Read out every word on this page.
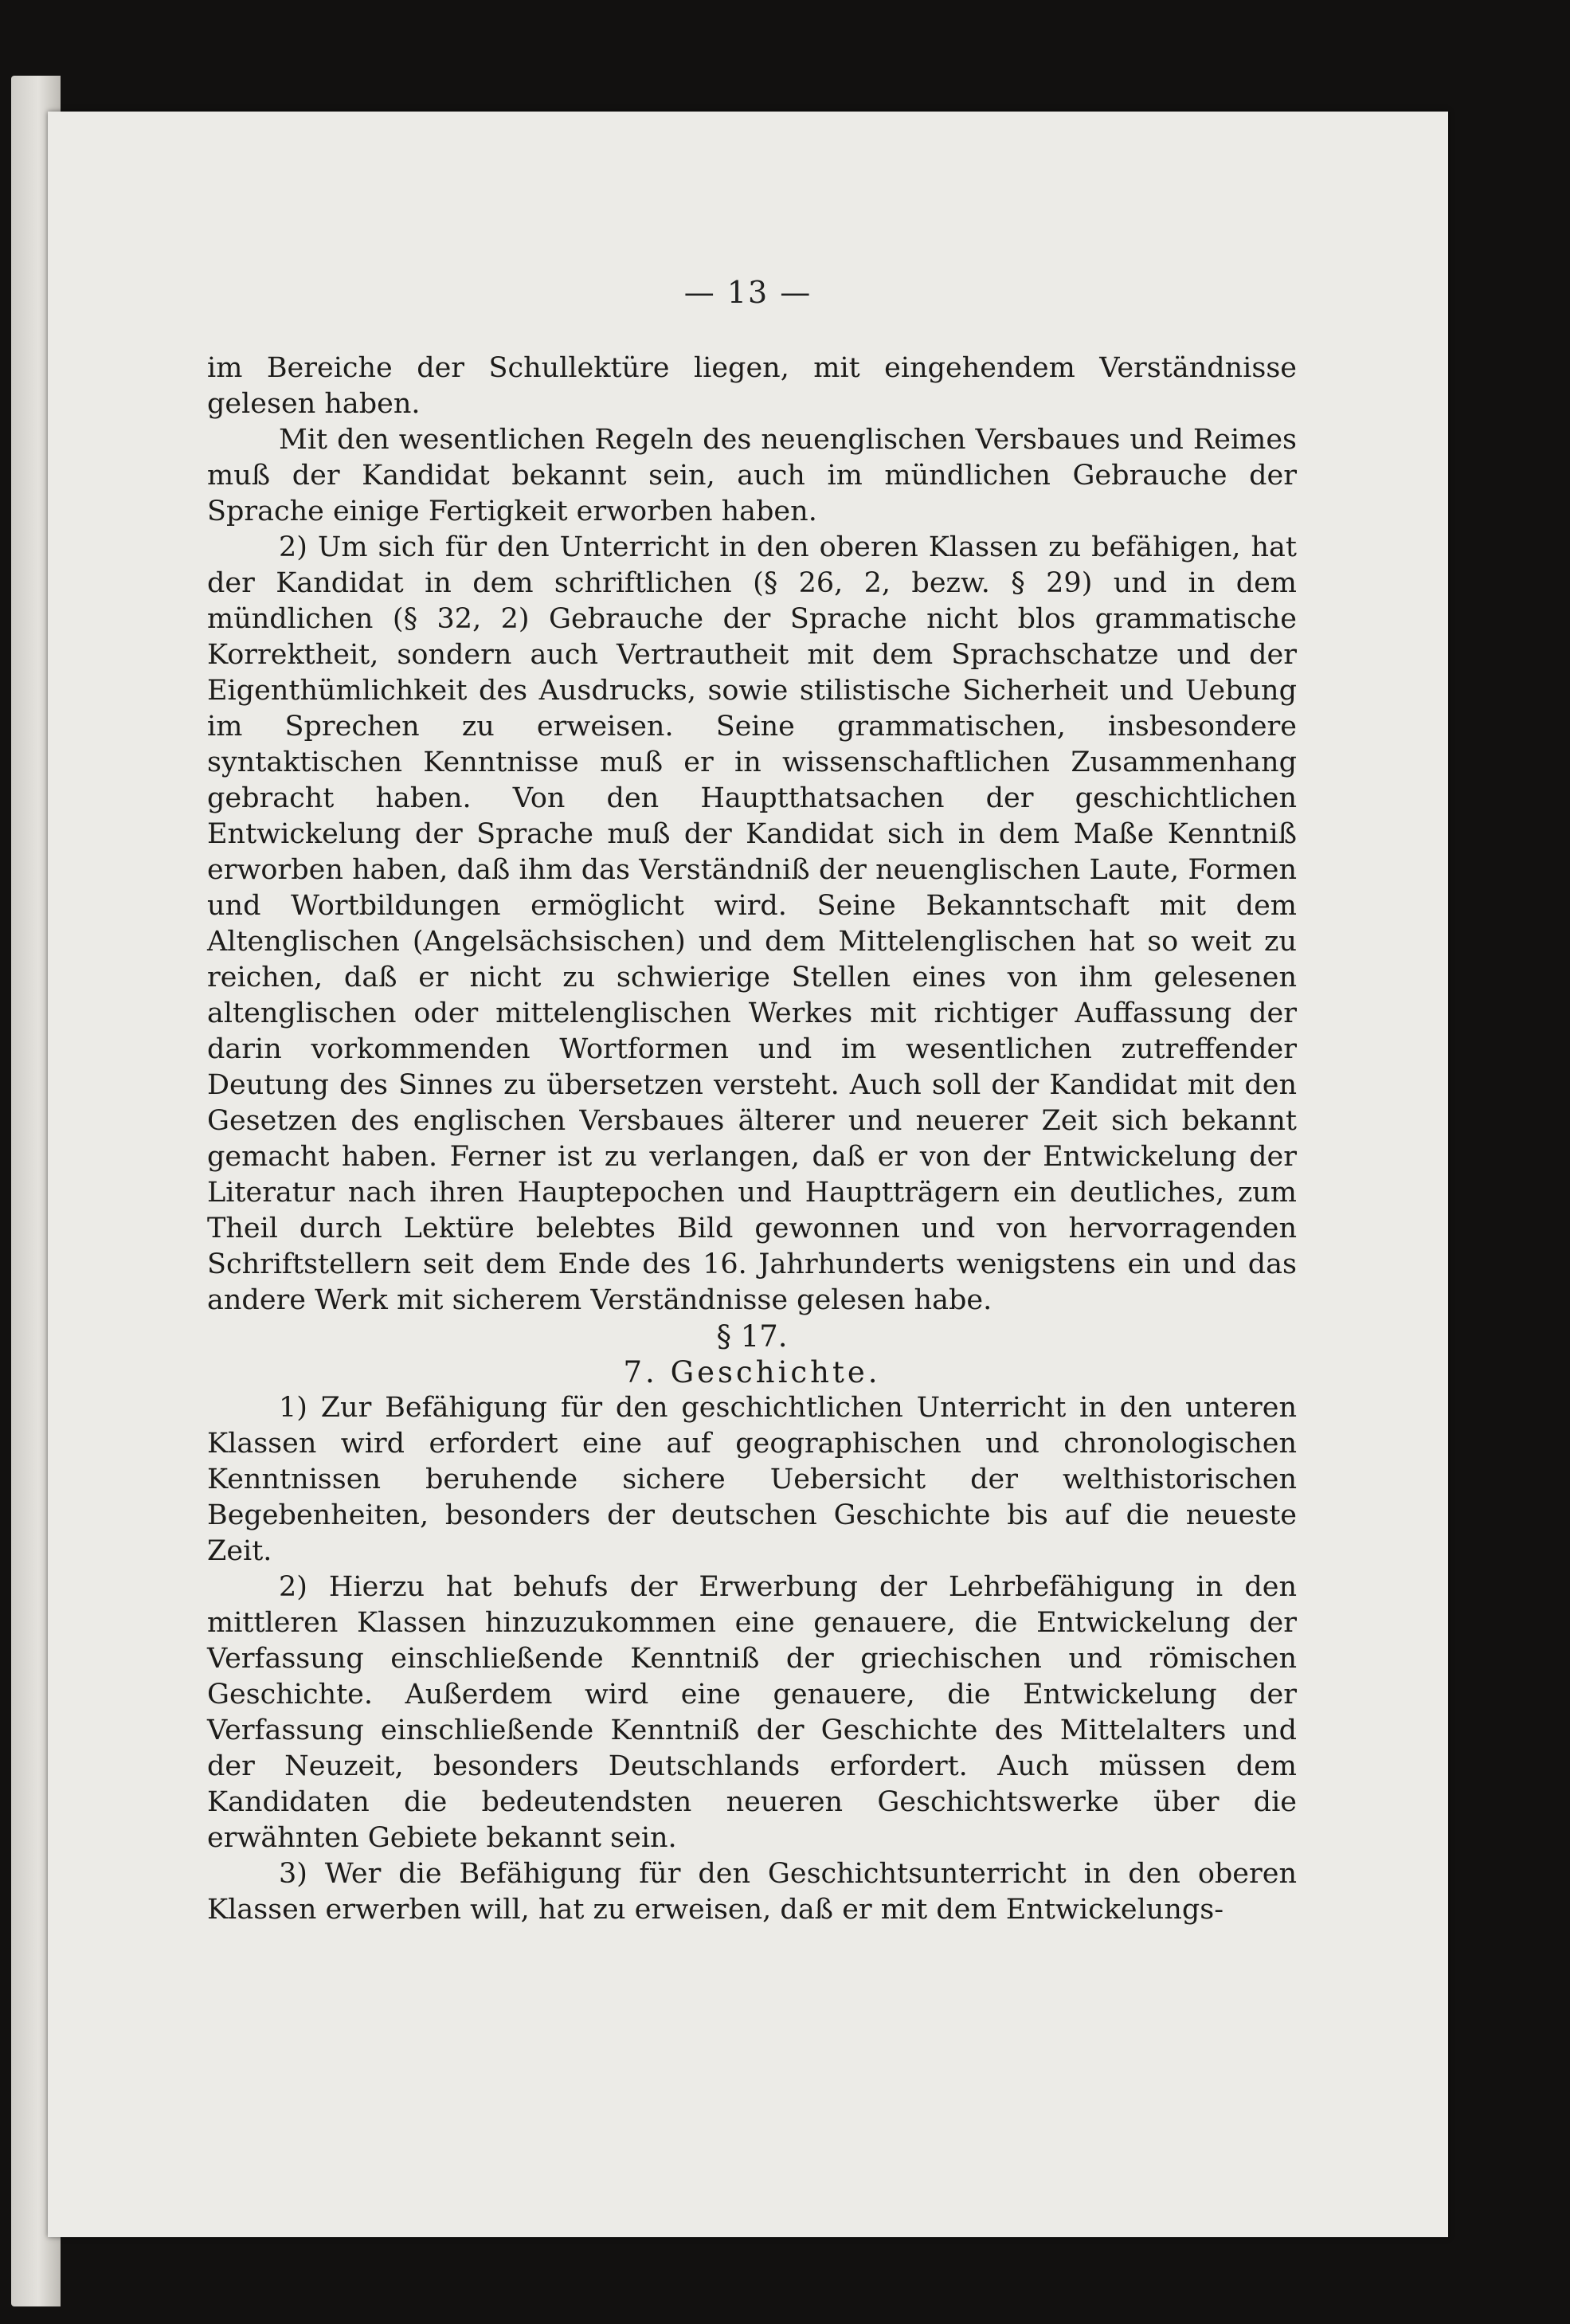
— 13 —

im Bereiche der Schullektüre liegen, mit eingehendem Verständnisse gelesen haben.

Mit den wesentlichen Regeln des neuenglischen Versbaues und Reimes muß der Kandidat bekannt sein, auch im mündlichen Gebrauche der Sprache einige Fertigkeit erworben haben.

2) Um sich für den Unterricht in den oberen Klassen zu befähigen, hat der Kandidat in dem schriftlichen (§ 26, 2, bezw. § 29) und in dem mündlichen (§ 32, 2) Gebrauche der Sprache nicht blos grammatische Korrektheit, sondern auch Vertrautheit mit dem Sprachschatze und der Eigenthümlichkeit des Ausdrucks, sowie stilistische Sicherheit und Uebung im Sprechen zu erweisen. Seine grammatischen, insbesondere syntaktischen Kenntnisse muß er in wissenschaftlichen Zusammenhang gebracht haben. Von den Hauptthatsachen der geschichtlichen Entwickelung der Sprache muß der Kandidat sich in dem Maße Kenntniß erworben haben, daß ihm das Verständniß der neuenglischen Laute, Formen und Wortbildungen ermöglicht wird. Seine Bekanntschaft mit dem Altenglischen (Angelsächsischen) und dem Mittelenglischen hat so weit zu reichen, daß er nicht zu schwierige Stellen eines von ihm gelesenen altenglischen oder mittelenglischen Werkes mit richtiger Auffassung der darin vorkommenden Wortformen und im wesentlichen zutreffender Deutung des Sinnes zu übersetzen versteht. Auch soll der Kandidat mit den Gesetzen des englischen Versbaues älterer und neuerer Zeit sich bekannt gemacht haben. Ferner ist zu verlangen, daß er von der Entwickelung der Literatur nach ihren Hauptepochen und Hauptträgern ein deutliches, zum Theil durch Lektüre belebtes Bild gewonnen und von hervorragenden Schriftstellern seit dem Ende des 16. Jahrhunderts wenigstens ein und das andere Werk mit sicherem Verständnisse gelesen habe.

§ 17.

7. Geschichte.

1) Zur Befähigung für den geschichtlichen Unterricht in den unteren Klassen wird erfordert eine auf geographischen und chronologischen Kenntnissen beruhende sichere Uebersicht der welthistorischen Begebenheiten, besonders der deutschen Geschichte bis auf die neueste Zeit.

2) Hierzu hat behufs der Erwerbung der Lehrbefähigung in den mittleren Klassen hinzuzukommen eine genauere, die Entwickelung der Verfassung einschließende Kenntniß der griechischen und römischen Geschichte. Außerdem wird eine genauere, die Entwickelung der Verfassung einschließende Kenntniß der Geschichte des Mittelalters und der Neuzeit, besonders Deutschlands erfordert. Auch müssen dem Kandidaten die bedeutendsten neueren Geschichtswerke über die erwähnten Gebiete bekannt sein.

3) Wer die Befähigung für den Geschichtsunterricht in den oberen Klassen erwerben will, hat zu erweisen, daß er mit dem Entwickelungs-
